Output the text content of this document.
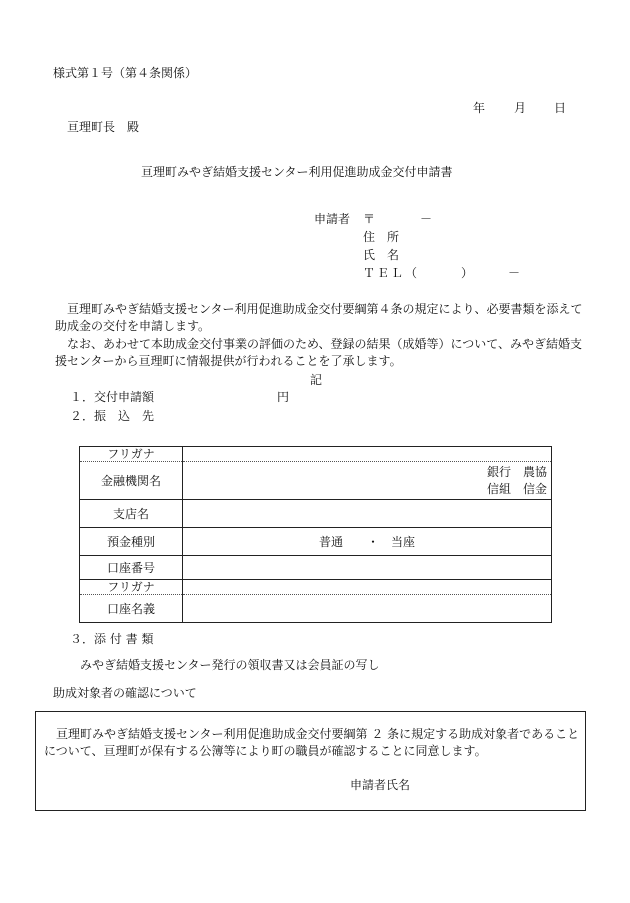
様式第１号（第４条関係）
年 月 日
亘理町長　殿
亘理町みやぎ結婚支援センター利用促進助成金交付申請書
申請者 〒	－
住　所
氏　名
ＴＥＬ（　　　）	－
　亘理町みやぎ結婚支援センター利用促進助成金交付要綱第４条の規定により、必要書類を添えて助成金の交付を申請します。
　なお、あわせて本助成金交付事業の評価のため、登録の結果（成婚等）について、みやぎ結婚支援センターから亘理町に情報提供が行われることを了承します。
記
１．交付申請額	円
２．振　込　先
フリガナ	
金融機関名	銀行　農協
信組　信金

支店名	
預金種別	普通　　・　当座
口座番号	
フリガナ	
口座名義	
３．添 付 書 類
みやぎ結婚支援センター発行の領収書又は会員証の写し
助成対象者の確認について
　亘理町みやぎ結婚支援センター利用促進助成金交付要綱第 ２ 条に規定する助成対象者であることについて、亘理町が保有する公簿等により町の職員が確認することに同意します。
申請者氏名
